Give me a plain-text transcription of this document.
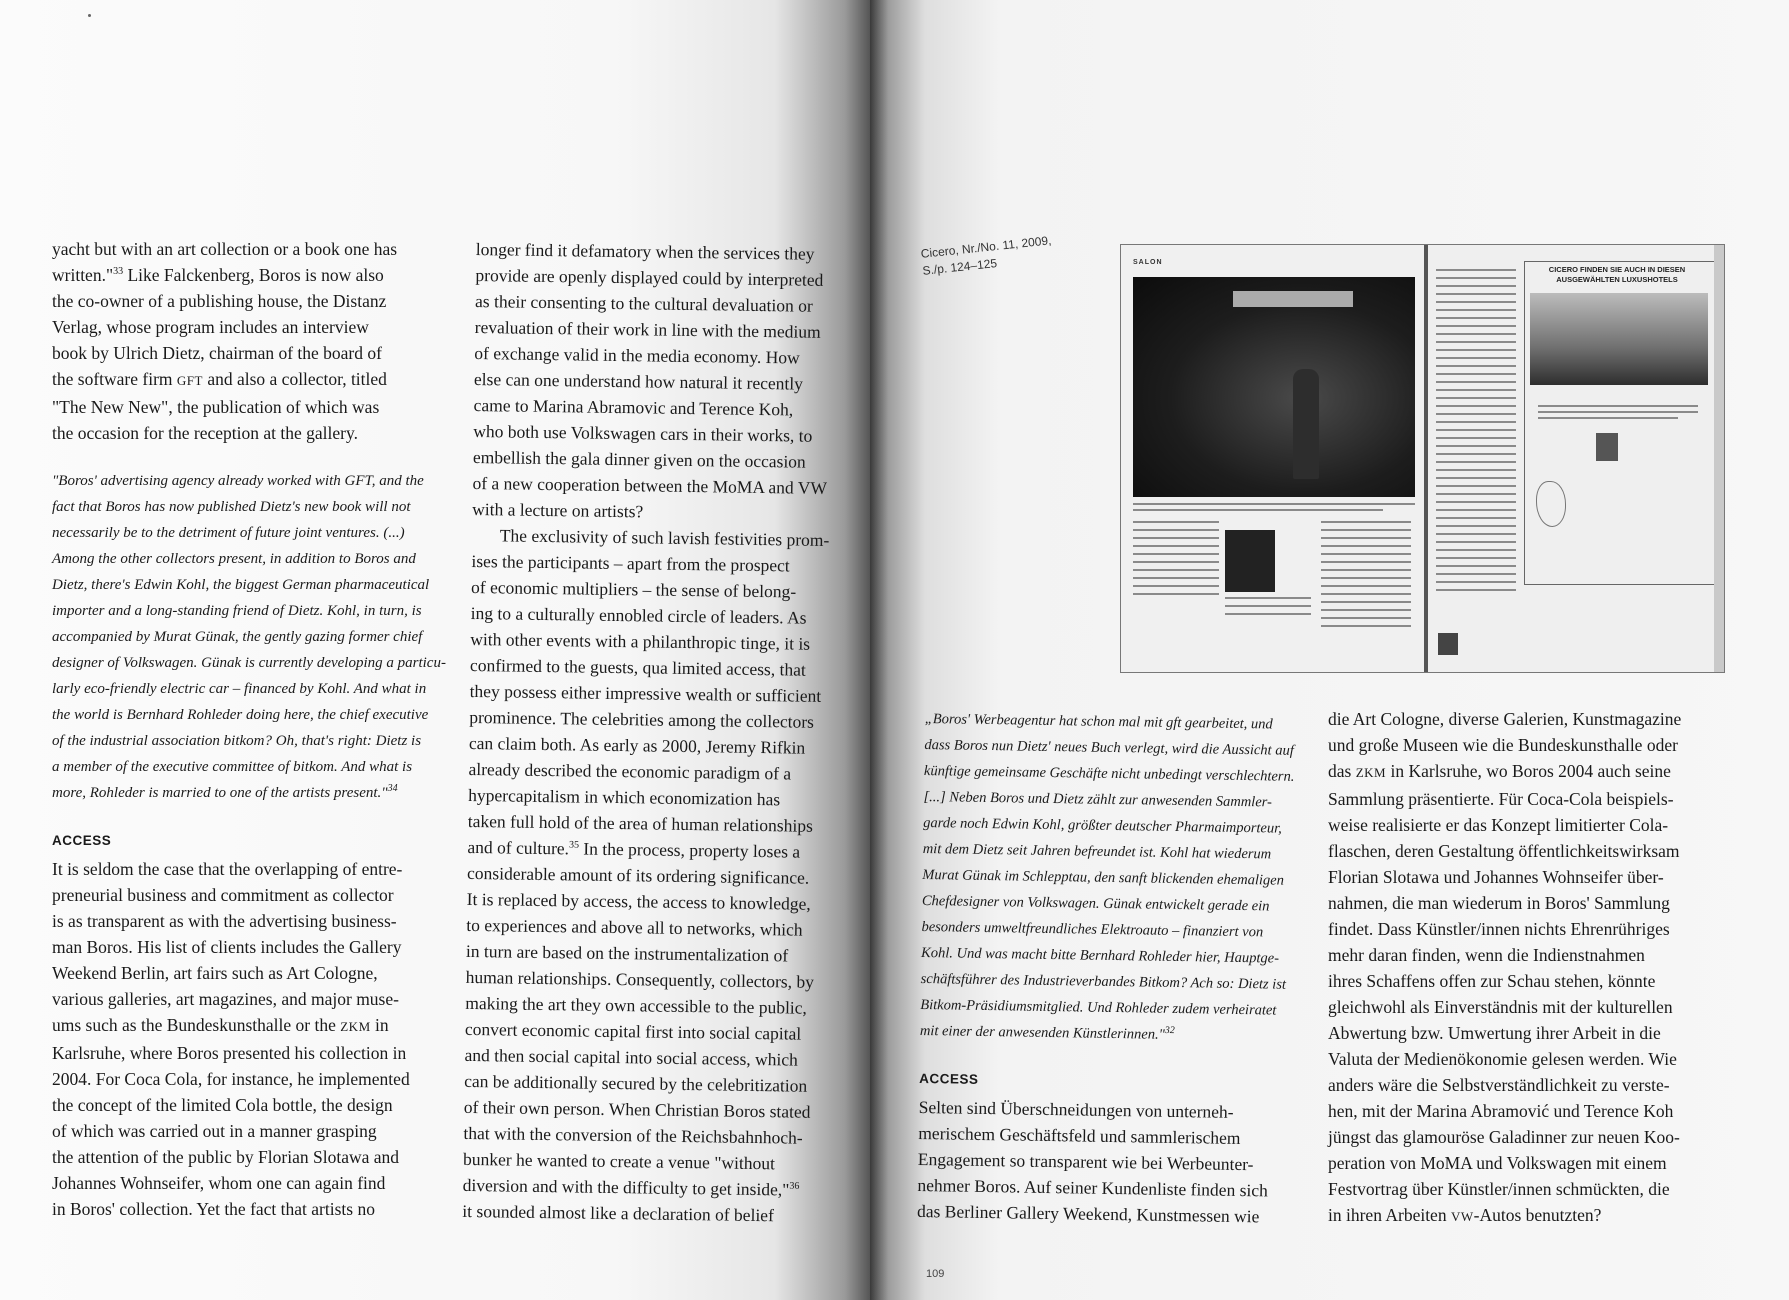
yacht but with an art collection or a book one has
written."$^{33}$ Like Falckenberg, Boros is now also
the co-owner of a publishing house, the Distanz
Verlag, whose program includes an interview
book by Ulrich Dietz, chairman of the board of
the software firm GFT and also a collector, titled
"The New New", the publication of which was
the occasion for the reception at the gallery.

"Boros' advertising agency already worked with GFT, and the
fact that Boros has now published Dietz's new book will not
necessarily be to the detriment of future joint ventures. (...)
Among the other collectors present, in addition to Boros and
Dietz, there's Edwin Kohl, the biggest German pharmaceutical
importer and a long-standing friend of Dietz. Kohl, in turn, is
accompanied by Murat Günak, the gently gazing former chief
designer of Volkswagen. Günak is currently developing a particu-
larly eco-friendly electric car – financed by Kohl. And what in
the world is Bernhard Rohleder doing here, the chief executive
of the industrial association bitkom? Oh, that's right: Dietz is
a member of the executive committee of bitkom. And what is
more, Rohleder is married to one of the artists present."$^{34}$

ACCESS

It is seldom the case that the overlapping of entre-
preneurial business and commitment as collector
is as transparent as with the advertising business-
man Boros. His list of clients includes the Gallery
Weekend Berlin, art fairs such as Art Cologne,
various galleries, art magazines, and major muse-
ums such as the Bundeskunsthalle or the ZKM in
Karlsruhe, where Boros presented his collection in
2004. For Coca Cola, for instance, he implemented
the concept of the limited Cola bottle, the design
of which was carried out in a manner grasping
the attention of the public by Florian Slotawa and
Johannes Wohnseifer, whom one can again find
in Boros' collection. Yet the fact that artists no

longer find it defamatory when the services they
provide are openly displayed could by interpreted
as their consenting to the cultural devaluation or
revaluation of their work in line with the medium
of exchange valid in the media economy. How
else can one understand how natural it recently
came to Marina Abramovic and Terence Koh,
who both use Volkswagen cars in their works, to
embellish the gala dinner given on the occasion
of a new cooperation between the MoMA and VW
with a lecture on artists?

The exclusivity of such lavish festivities prom-
ises the participants – apart from the prospect
of economic multipliers – the sense of belong-
ing to a culturally ennobled circle of leaders. As
with other events with a philanthropic tinge, it is
confirmed to the guests, qua limited access, that
they possess either impressive wealth or sufficient
prominence. The celebrities among the collectors
can claim both. As early as 2000, Jeremy Rifkin
already described the economic paradigm of a
hypercapitalism in which economization has
taken full hold of the area of human relationships
and of culture.$^{35}$ In the process, property loses a
considerable amount of its ordering significance.
It is replaced by access, the access to knowledge,
to experiences and above all to networks, which
in turn are based on the instrumentalization of
human relationships. Consequently, collectors, by
making the art they own accessible to the public,
convert economic capital first into social capital
and then social capital into social access, which
can be additionally secured by the celebritization
of their own person. When Christian Boros stated
that with the conversion of the Reichsbahnhoch-
bunker he wanted to create a venue "without
diversion and with the difficulty to get inside,"$^{36}$
it sounded almost like a declaration of belief

Cicero, Nr./No. 11, 2009,
S./p. 124–125	SALON
CICERO FINDEN SIE AUCH IN DIESEN
AUSGEWÄHLTEN LUXUSHOTELS

„Boros' Werbeagentur hat schon mal mit gft gearbeitet, und
dass Boros nun Dietz' neues Buch verlegt, wird die Aussicht auf
künftige gemeinsame Geschäfte nicht unbedingt verschlechtern.
[...] Neben Boros und Dietz zählt zur anwesenden Sammler-
garde noch Edwin Kohl, größter deutscher Pharmaimporteur,
mit dem Dietz seit Jahren befreundet ist. Kohl hat wiederum
Murat Günak im Schlepptau, den sanft blickenden ehemaligen
Chefdesigner von Volkswagen. Günak entwickelt gerade ein
besonders umweltfreundliches Elektroauto – finanziert von
Kohl. Und was macht bitte Bernhard Rohleder hier, Hauptge-
schäftsführer des Industrieverbandes Bitkom? Ach so: Dietz ist
Bitkom-Präsidiumsmitglied. Und Rohleder zudem verheiratet
mit einer der anwesenden Künstlerinnen."$^{32}$

ACCESS

Selten sind Überschneidungen von unterneh-
merischem Geschäftsfeld und sammlerischem
Engagement so transparent wie bei Werbeunter-
nehmer Boros. Auf seiner Kundenliste finden sich
das Berliner Gallery Weekend, Kunstmessen wie

die Art Cologne, diverse Galerien, Kunstmagazine
und große Museen wie die Bundeskunsthalle oder
das ZKM in Karlsruhe, wo Boros 2004 auch seine
Sammlung präsentierte. Für Coca-Cola beispiels-
weise realisierte er das Konzept limitierter Cola-
flaschen, deren Gestaltung öffentlichkeitswirksam
Florian Slotawa und Johannes Wohnseifer über-
nahmen, die man wiederum in Boros' Sammlung
findet. Dass Künstler/innen nichts Ehrenrühriges
mehr daran finden, wenn die Indienstnahmen
ihres Schaffens offen zur Schau stehen, könnte
gleichwohl als Einverständnis mit der kulturellen
Abwertung bzw. Umwertung ihrer Arbeit in die
Valuta der Medienökonomie gelesen werden. Wie
anders wäre die Selbstverständlichkeit zu verste-
hen, mit der Marina Abramović und Terence Koh
jüngst das glamouröse Galadinner zur neuen Koo-
peration von MoMA und Volkswagen mit einem
Festvortrag über Künstler/innen schmückten, die
in ihren Arbeiten VW-Autos benutzten?

109
